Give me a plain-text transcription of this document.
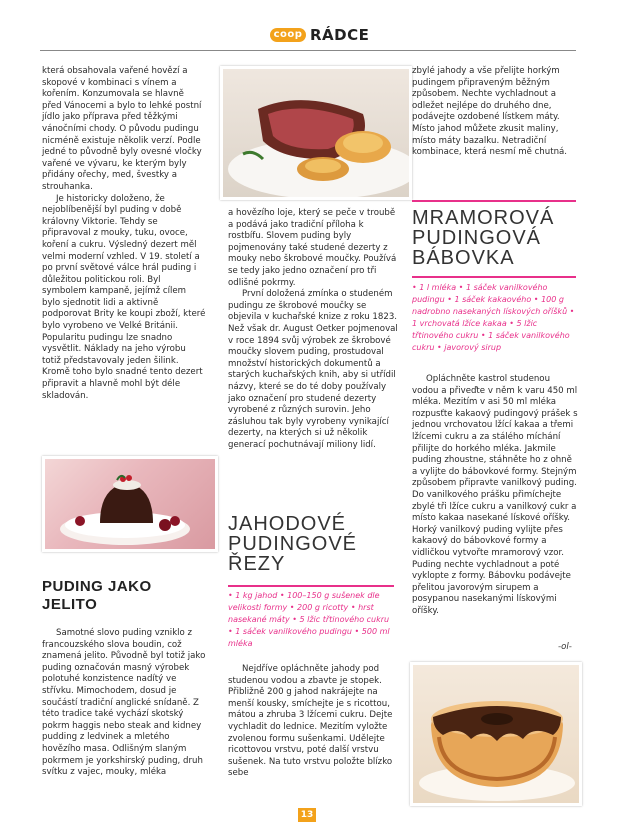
coop RÁDCE

která obsahovala vařené hovězí a skopové v kombinaci s vínem a kořením. Konzumovala se hlavně před Vánocemi a bylo to lehké postní jídlo jako příprava před těžkými vánočními chody. O původu pudingu nicméně existuje několik verzí. Podle jedné to původně byly ovesné vločky vařené ve vývaru, ke kterým byly přidány ořechy, med, švestky a strouhanka.

Je historicky doloženo, že nejoblíbenější byl puding v době královny Viktorie. Tehdy se připravoval z mouky, tuku, ovoce, koření a cukru. Výsledný dezert měl velmi moderní vzhled. V 19. století a po první světové válce hrál puding i důležitou politickou roli. Byl symbolem kampaně, jejímž cílem bylo sjednotit lidi a aktivně podporovat Brity ke koupi zboží, které bylo vyrobeno ve Velké Británii. Popularitu pudingu lze snadno vysvětlit. Náklady na jeho výrobu totiž představovaly jeden šilink. Kromě toho bylo snadné tento dezert připravit a hlavně mohl být déle skladován.

PUDING JAKO JELITO

Samotné slovo puding vzniklo z francouzského slova boudin, což znamená jelito. Původně byl totiž jako puding označován masný výrobek polotuhé konzistence nadítý ve střívku. Mimochodem, dosud je součástí tradiční anglické snídaně. Z této tradice také vychází skotský pokrm haggis nebo steak and kidney pudding z ledvinek a mletého hovězího masa. Odlišným slaným pokrmem je yorkshirský puding, druh svítku z vajec, mouky, mléka

a hovězího loje, který se peče v troubě a podává jako tradiční příloha k rostbífu. Slovem puding byly pojmenovány také studené dezerty z mouky nebo škrobové moučky. Používá se tedy jako jedno označení pro tři odlišné pokrmy.

První doložená zmínka o studeném pudingu ze škrobové moučky se objevila v kuchařské knize z roku 1823. Než však dr. August Oetker pojmenoval v roce 1894 svůj výrobek ze škrobové moučky slovem puding, prostudoval množství historických dokumentů a starých kuchařských knih, aby si utřídil názvy, které se do té doby používaly jako označení pro studené dezerty vyrobené z různých surovin. Jeho zásluhou tak byly vyrobeny vynikající dezerty, na kterých si už několik generací pochutnávají miliony lidí.

JAHODOVÉ PUDINGOVÉ ŘEZY
• 1 kg jahod • 100–150 g sušenek dle velikosti formy • 200 g ricotty • hrst nasekané máty • 5 lžic třtinového cukru • 1 sáček vanilkového pudingu • 500 ml mléka

Nejdříve opláchněte jahody pod studenou vodou a zbavte je stopek. Přibližně 200 g jahod nakrájejte na menší kousky, smíchejte je s ricottou, mátou a zhruba 3 lžícemi cukru. Dejte vychladit do lednice. Mezitím vyložte zvolenou formu sušenkami. Udělejte ricottovou vrstvu, poté další vrstvu sušenek. Na tuto vrstvu položte blízko sebe

zbylé jahody a vše přelijte horkým pudingem připraveným běžným způsobem. Nechte vychladnout a odležet nejlépe do druhého dne, podávejte ozdobené lístkem máty. Místo jahod můžete zkusit maliny, místo máty bazalku. Netradiční kombinace, která nesmí mě chutná.

MRAMOROVÁ PUDINGOVÁ BÁBOVKA
• 1 l mléka • 1 sáček vanilkového pudingu • 1 sáček kakaového • 100 g nadrobno nasekaných lískových oříšků • 1 vrchovatá lžíce kakaa • 5 lžic třtinového cukru • 1 sáček vanilkového cukru • javorový sirup

Opláchněte kastrol studenou vodou a přiveďte v něm k varu 450 ml mléka. Mezitím v asi 50 ml mléka rozpusťte kakaový pudingový prášek s jednou vrchovatou lžící kakaa a třemi lžícemi cukru a za stálého míchání přilijte do horkého mléka. Jakmile puding zhoustne, stáhněte ho z ohně a vylijte do bábovkové formy. Stejným způsobem připravte vanilkový puding. Do vanilkového prášku přimíchejte zbylé tři lžíce cukru a vanilkový cukr a místo kakaa nasekané lískové oříšky. Horký vanilkový puding vylijte přes kakaový do bábovkové formy a vidličkou vytvořte mramorový vzor. Puding nechte vychladnout a poté vyklopte z formy. Bábovku podávejte přelitou javorovým sirupem a posypanou nasekanými lískovými oříšky.

-ol-
13
